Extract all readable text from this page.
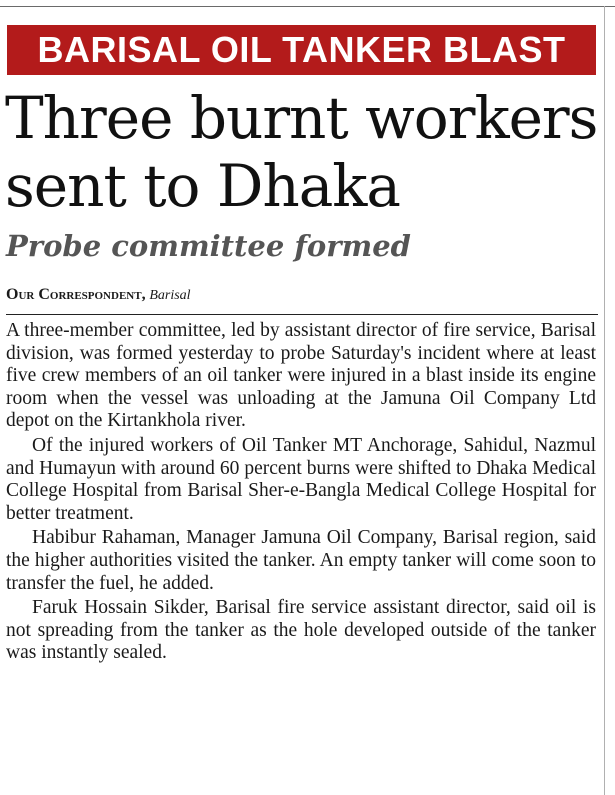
BARISAL OIL TANKER BLAST
Three burnt workers
sent to Dhaka
Probe committee formed
Our Correspondent, Barisal

A three-member committee, led by assistant director of fire service, Barisal division, was formed yesterday to probe Saturday's incident where at least five crew members of an oil tanker were injured in a blast inside its engine room when the vessel was unloading at the Jamuna Oil Company Ltd depot on the Kirtankhola river.

Of the injured workers of Oil Tanker MT Anchorage, Sahidul, Nazmul and Humayun with around 60 percent burns were shifted to Dhaka Medical College Hospital from Barisal Sher-e-Bangla Medical College Hospital for better treatment.

Habibur Rahaman, Manager Jamuna Oil Company, Barisal region, said the higher authorities visited the tanker. An empty tanker will come soon to transfer the fuel, he added.

Faruk Hossain Sikder, Barisal fire service assistant director, said oil is not spreading from the tanker as the hole developed outside of the tanker was instantly sealed.
